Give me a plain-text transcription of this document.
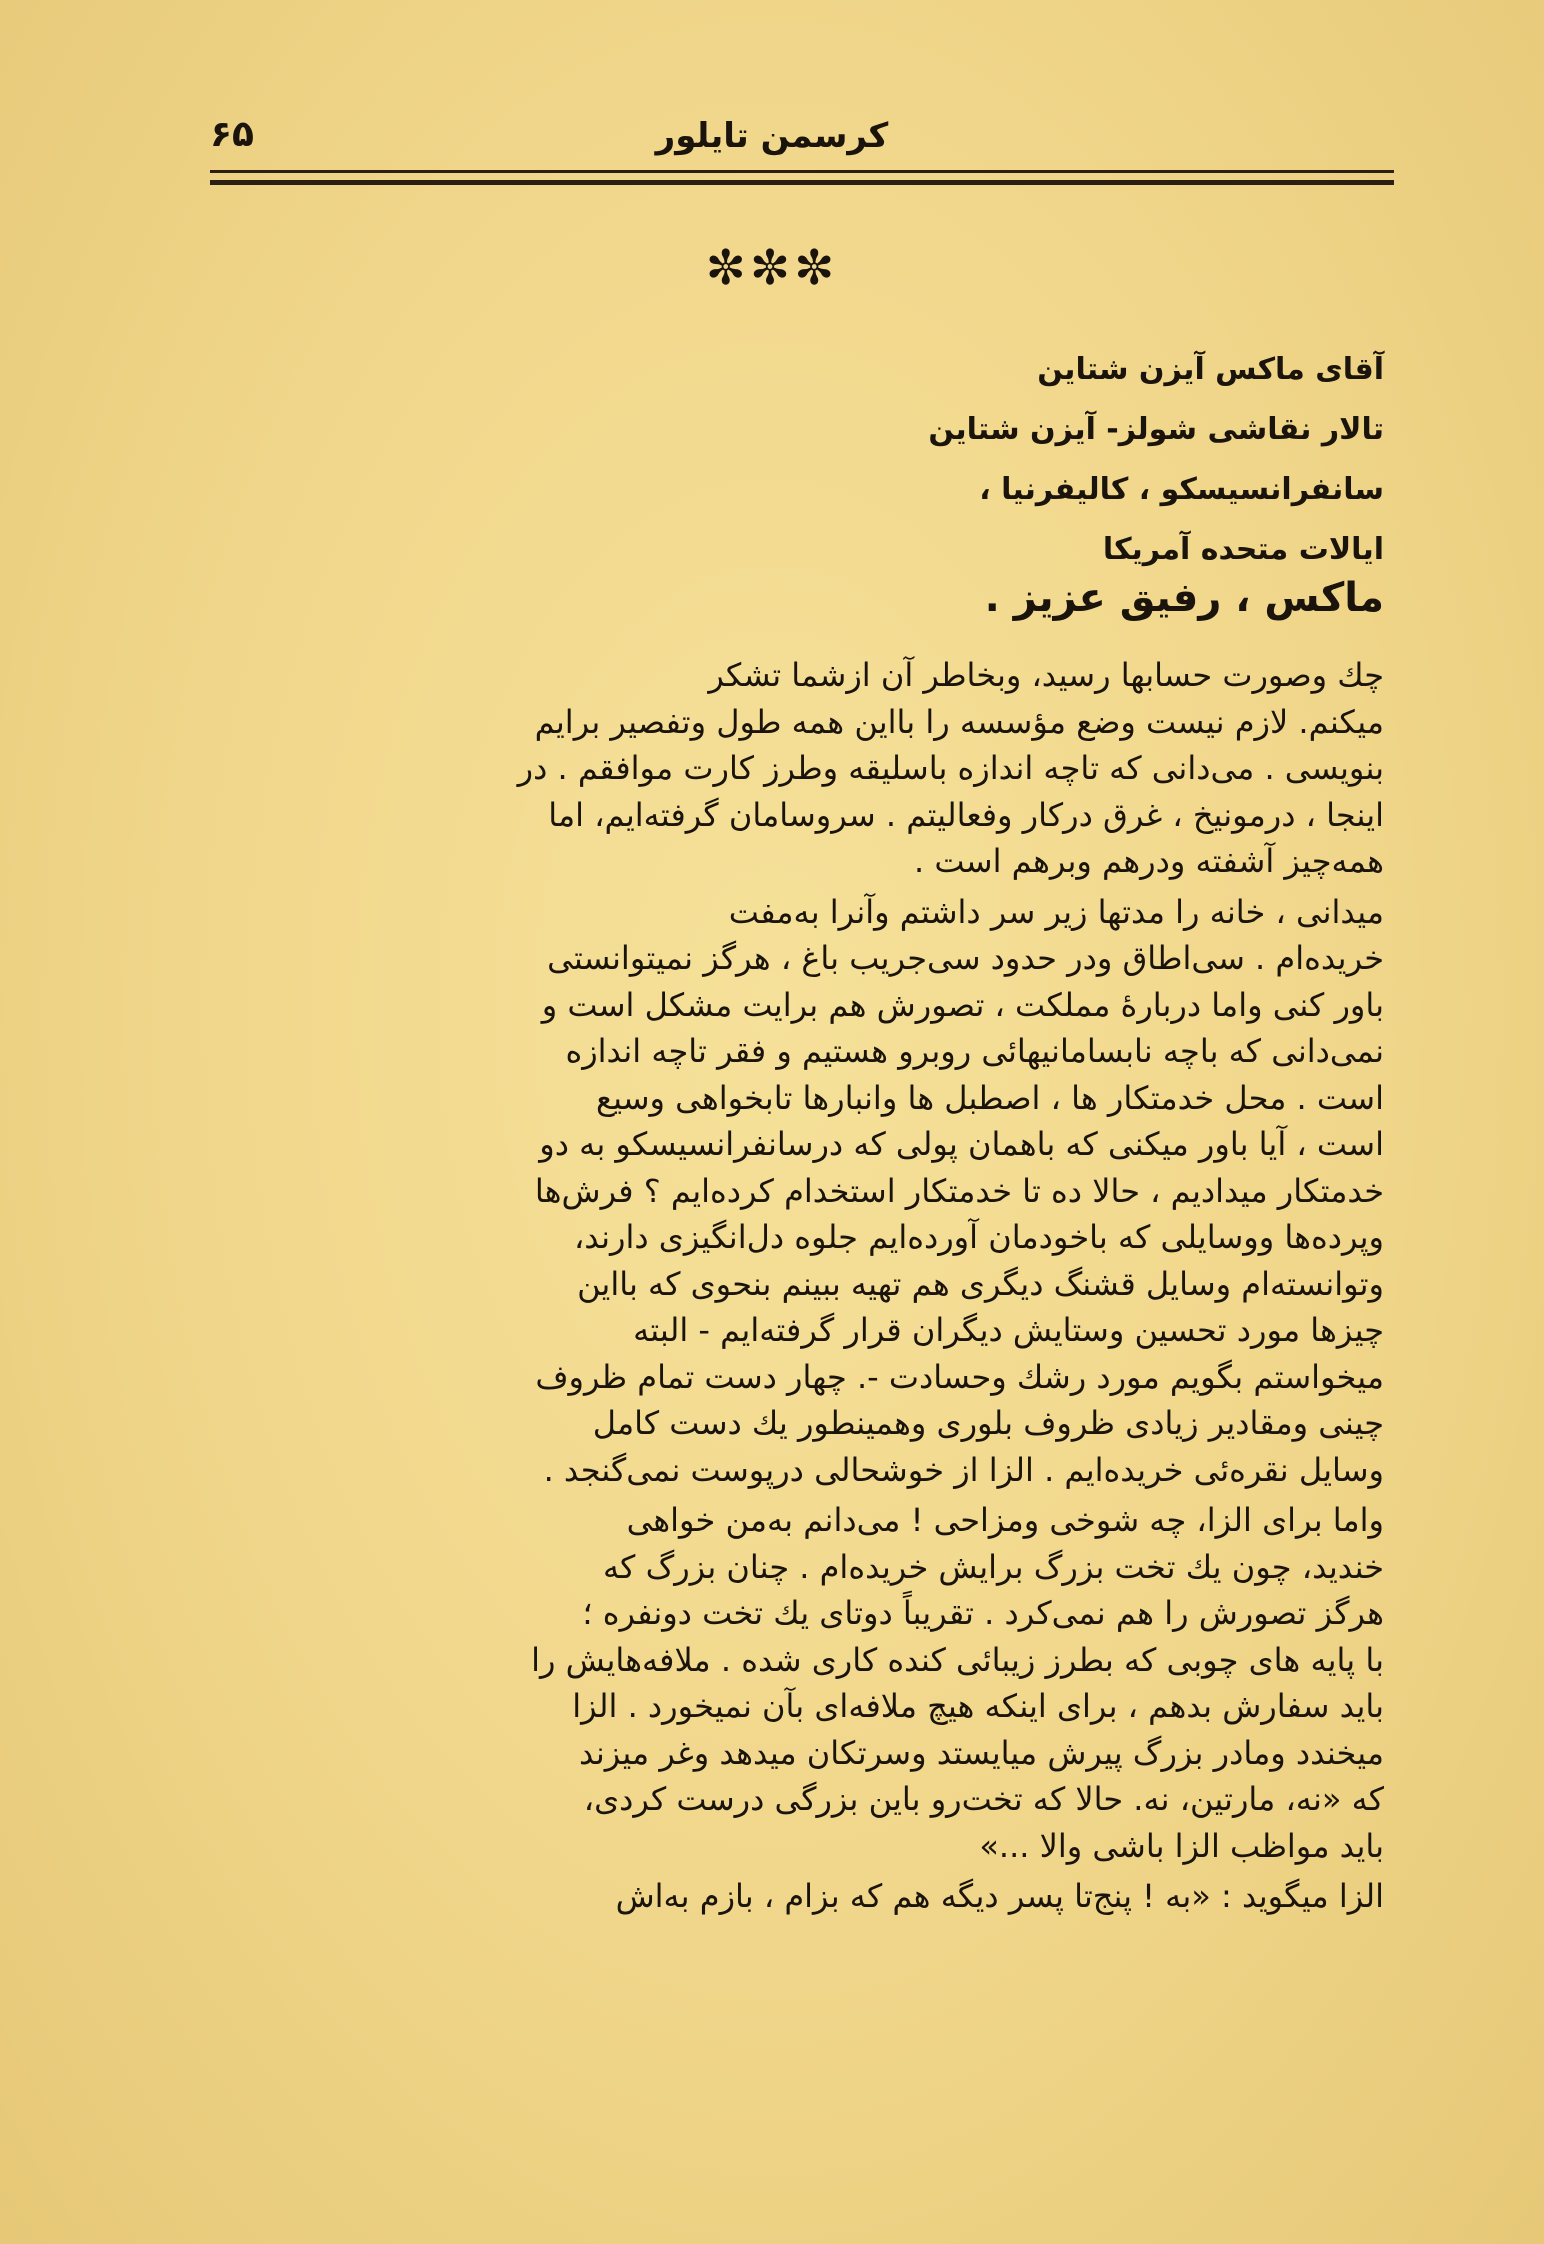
کرسمن تایلور
۶۵
✼✼✼
آقای ماکس آیزن شتاین
تالار نقاشی شولز- آیزن شتاین
سانفرانسیسکو ، کالیفرنیا ،
ایالات متحده آمریکا
ماکس ، رفیق عزیز .
چك وصورت حسابها رسید، وبخاطر آن ازشما تشکر
میکنم. لازم نیست وضع مؤسسه را بااین همه طول وتفصیر برایم
بنویسی . می‌دانی که تاچه اندازه باسلیقه وطرز کارت موافقم . در
اینجا ، درمونیخ ، غرق درکار وفعالیتم . سروسامان گرفته‌ایم، اما
همه‌چیز آشفته ودرهم وبرهم است .
میدانی ، خانه را مدتها زیر سر داشتم وآنرا به‌مفت
خریده‌ام . سی‌اطاق ودر حدود سی‌جریب باغ ، هرگز نمیتوانستی
باور کنی واما دربارهٔ مملکت ، تصورش هم برایت مشکل است و
نمی‌دانی که باچه نابسامانیهائی روبرو هستیم و فقر تاچه اندازه
است . محل خدمتکار ها ، اصطبل ها وانبارها تابخواهی وسیع
است ، آیا باور میکنی که باهمان پولی که درسانفرانسیسکو به دو
خدمتکار میدادیم ، حالا ده تا خدمتکار استخدام کرده‌ایم ؟ فرش‌ها
وپرده‌ها ووسایلی که باخودمان آورده‌ایم جلوه دل‌انگیزی دارند،
وتوانسته‌ام وسایل قشنگ دیگری هم تهیه ببینم بنحوی که بااین
چیزها مورد تحسین وستایش دیگران قرار گرفته‌ایم - البته
میخواستم بگویم مورد رشك وحسادت -. چهار دست تمام ظروف
چینی ومقادیر زیادی ظروف بلوری وهمینطور یك دست کامل
وسایل نقره‌ئی خریده‌ایم . الزا از خوشحالی درپوست نمی‌گنجد .
واما برای الزا، چه شوخی ومزاحی ! می‌دانم به‌من خواهی
خندید، چون یك تخت بزرگ برایش خریده‌ام . چنان بزرگ که
هرگز تصورش را هم نمی‌کرد . تقریباً دوتای یك تخت دونفره ؛
با پایه های چوبی که بطرز زیبائی کنده کاری شده . ملافه‌هایش را
باید سفارش بدهم ، برای اینکه هیچ ملافه‌ای بآن نمیخورد . الزا
میخندد ومادر بزرگ پیرش میایستد وسرتکان میدهد وغر میزند
که «نه، مارتین، نه. حالا که تخت‌رو باین بزرگی درست کردی،
باید مواظب الزا باشی والا ...»
الزا میگوید : «به ! پنج‌تا پسر دیگه هم که بزام ، بازم به‌اش
